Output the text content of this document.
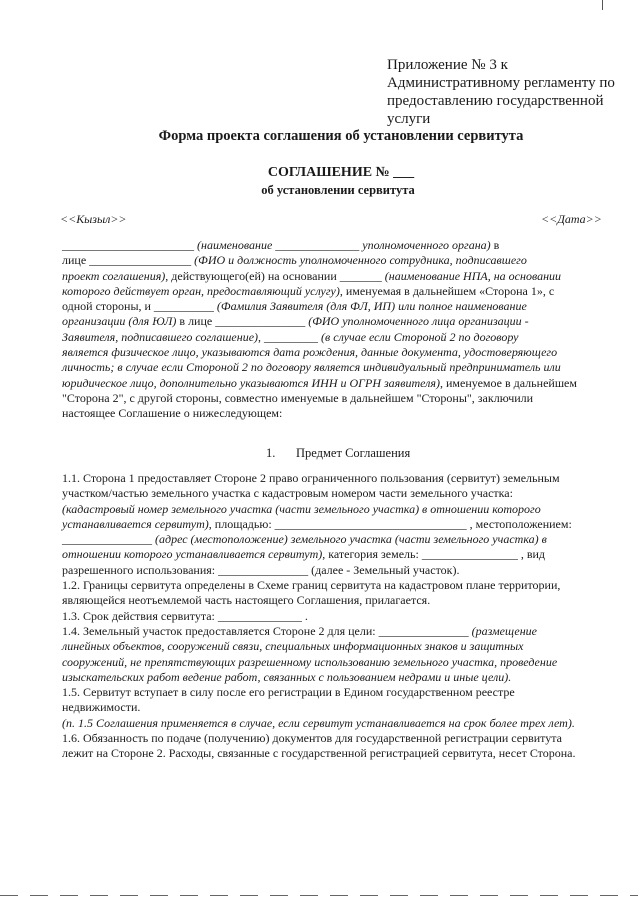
Приложение № 3 к
Административному регламенту по
предоставлению государственной
услуги

Форма проекта соглашения об установлении сервитута

СОГЛАШЕНИЕ № ___

об установлении сервитута

<<Кызыл>>	<<Дата>>

______________________ (наименование ______________ уполномоченного органа) в
лице _________________ (ФИО и должность уполномоченного сотрудника, подписавшего
проект соглашения), действующего(ей) на основании _______ (наименование НПА, на основании
которого действует орган, предоставляющий услугу), именуемая в дальнейшем «Сторона 1», с
одной стороны, и __________ (Фамилия Заявителя (для ФЛ, ИП) или полное наименование
организации (для ЮЛ) в лице _______________ (ФИО уполномоченного лица организации -
Заявителя, подписавшего соглашение), _________ (в случае если Стороной 2 по договору
является физическое лицо, указываются дата рождения, данные документа, удостоверяющего
личность; в случае если Стороной 2 по договору является индивидуальный предприниматель или
юридическое лицо, дополнительно указываются ИНН и ОГРН заявителя), именуемое в дальнейшем
"Сторона 2", с другой стороны, совместно именуемые в дальнейшем "Стороны", заключили
настоящее Соглашение о нижеследующем:

1. Предмет Соглашения

1.1. Сторона 1 предоставляет Стороне 2 право ограниченного пользования (сервитут) земельным
участком/частью земельного участка с кадастровым номером части земельного участка:
(кадастровый номер земельного участка (части земельного участка) в отношении которого
устанавливается сервитут), площадью: ________________________________ , местоположением:
_______________ (адрес (местоположение) земельного участка (части земельного участка) в
отношении которого устанавливается сервитут), категория земель: ________________ , вид
разрешенного использования: _______________ (далее - Земельный участок).
1.2. Границы сервитута определены в Схеме границ сервитута на кадастровом плане территории,
являющейся неотъемлемой часть настоящего Соглашения, прилагается.
1.3. Срок действия сервитута: ______________ .
1.4. Земельный участок предоставляется Стороне 2 для цели: _______________ (размещение
линейных объектов, сооружений связи, специальных информационных знаков и защитных
сооружений, не препятствующих разрешенному использованию земельного участка, проведение
изыскательских работ ведение работ, связанных с пользованием недрами и иные цели).
1.5. Сервитут вступает в силу после его регистрации в Едином государственном реестре
недвижимости.
(п. 1.5 Соглашения применяется в случае, если сервитут устанавливается на срок более трех лет).
1.6. Обязанность по подаче (получению) документов для государственной регистрации сервитута
лежит на Стороне 2. Расходы, связанные с государственной регистрацией сервитута, несет Сторона.
